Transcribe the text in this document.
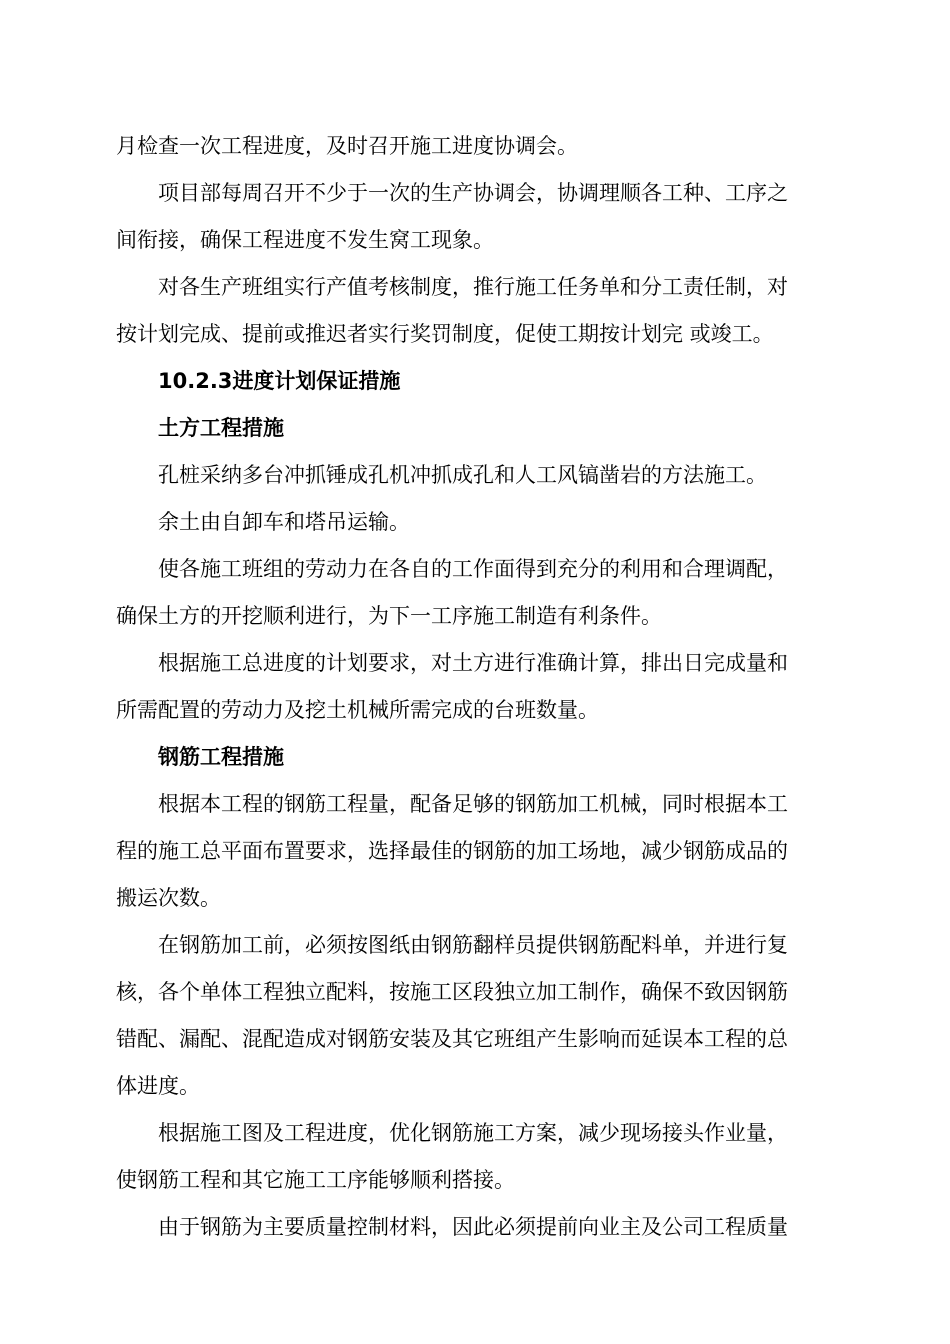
月检查一次工程进度，及时召开施工进度协调会。
项目部每周召开不少于一次的生产协调会，协调理顺各工种、工序之
间衔接，确保工程进度不发生窝工现象。
对各生产班组实行产值考核制度，推行施工任务单和分工责任制，对
按计划完成、提前或推迟者实行奖罚制度，促使工期按计划完 或竣工。
10.2.3进度计划保证措施
土方工程措施
孔桩采纳多台冲抓锤成孔机冲抓成孔和人工风镐凿岩的方法施工。
余土由自卸车和塔吊运输。
使各施工班组的劳动力在各自的工作面得到充分的利用和合理调配，
确保土方的开挖顺利进行，为下一工序施工制造有利条件。
根据施工总进度的计划要求，对土方进行准确计算，排出日完成量和
所需配置的劳动力及挖土机械所需完成的台班数量。
钢筋工程措施
根据本工程的钢筋工程量，配备足够的钢筋加工机械，同时根据本工
程的施工总平面布置要求，选择最佳的钢筋的加工场地，减少钢筋成品的
搬运次数。
在钢筋加工前，必须按图纸由钢筋翻样员提供钢筋配料单，并进行复
核，各个单体工程独立配料，按施工区段独立加工制作，确保不致因钢筋
错配、漏配、混配造成对钢筋安装及其它班组产生影响而延误本工程的总
体进度。
根据施工图及工程进度，优化钢筋施工方案，减少现场接头作业量，
使钢筋工程和其它施工工序能够顺利搭接。
由于钢筋为主要质量控制材料，因此必须提前向业主及公司工程质量
